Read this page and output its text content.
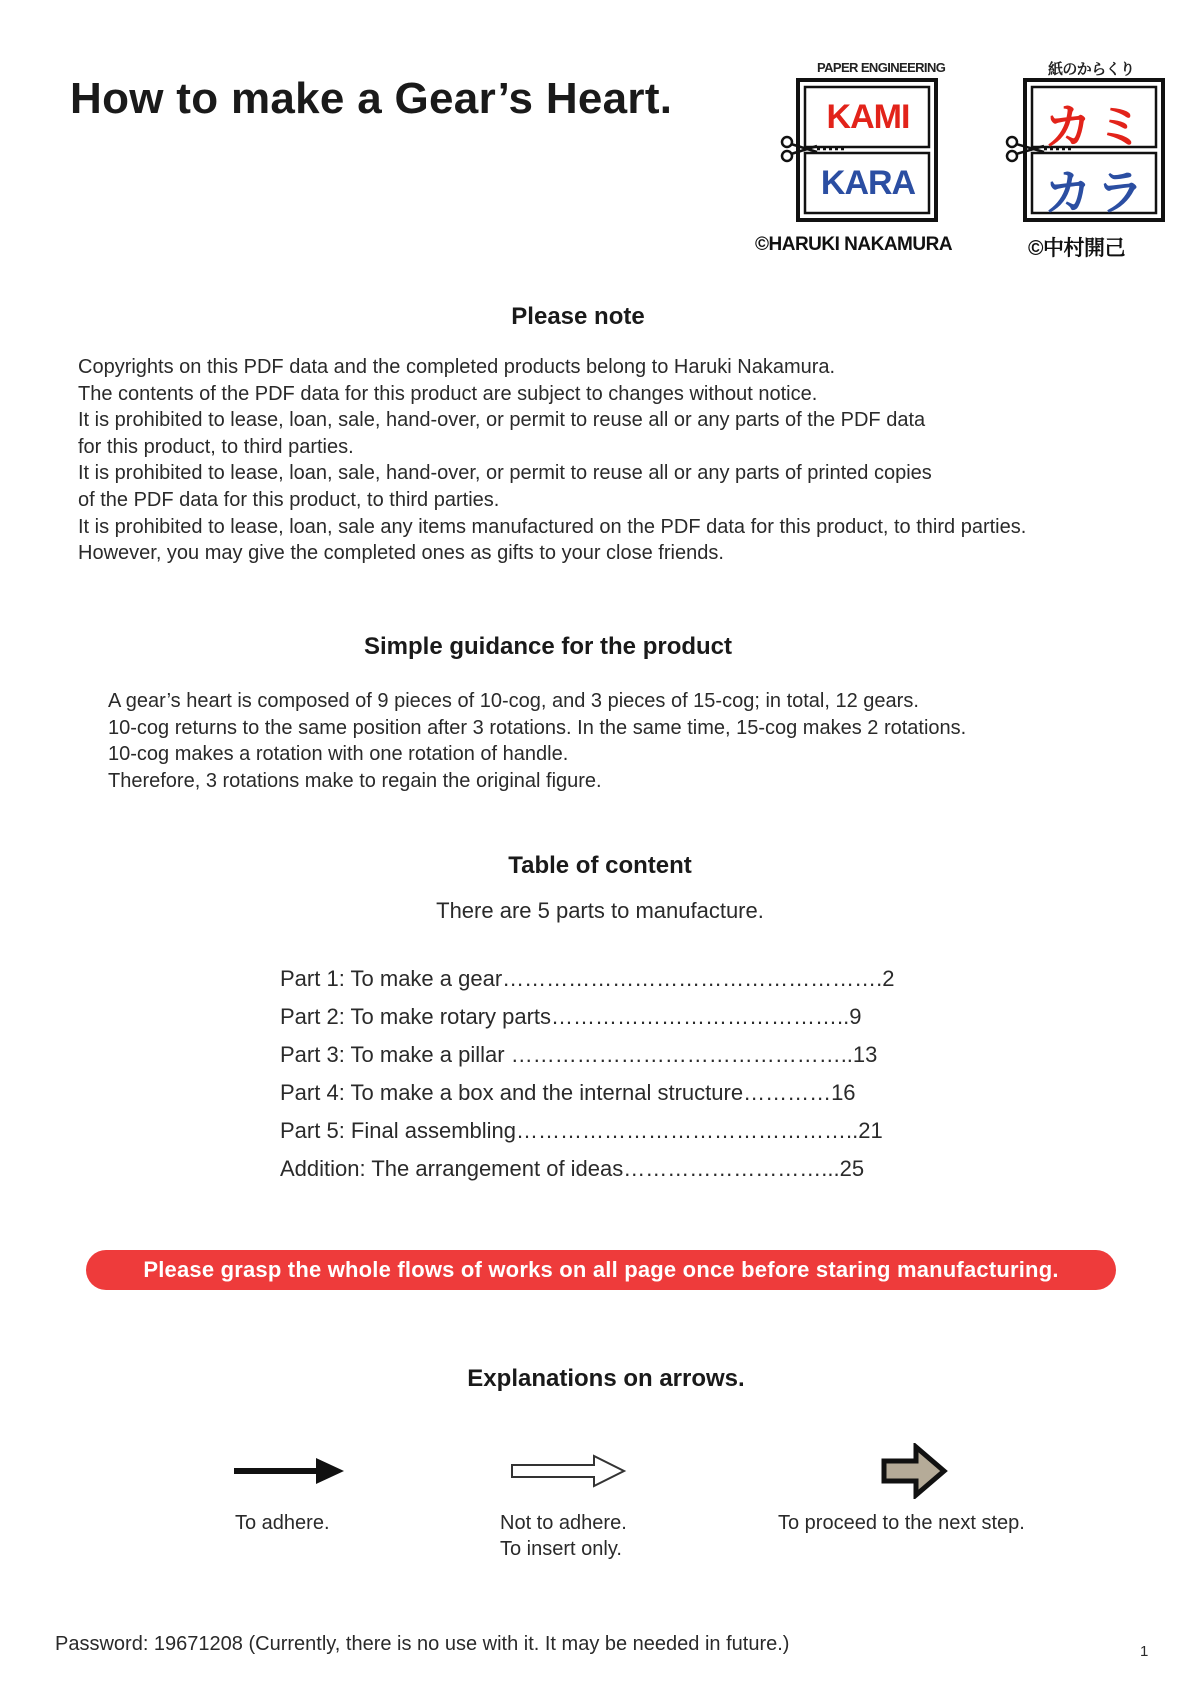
How to make a Gear’s Heart.
PAPER ENGINEERING
KAMI
KARA
©HARUKI NAKAMURA
紙のからくり
カミ
カラ
©中村開己
Please note
Copyrights on this PDF data and the completed products belong to Haruki Nakamura.
The contents of the PDF data for this product are subject to changes without notice.
It is prohibited to lease, loan, sale, hand-over, or permit to reuse all or any parts of the PDF data
for this product, to third parties.
It is prohibited to lease, loan, sale, hand-over, or permit to reuse all or any parts of printed copies
of the PDF data for this product, to third parties.
It is prohibited to lease, loan, sale any items manufactured on the PDF data for this product, to third parties.
However, you may give the completed ones as gifts to your close friends.
Simple guidance for the product
A gear’s heart is composed of 9 pieces of 10-cog, and 3 pieces of 15-cog; in total, 12 gears.
10-cog returns to the same position after 3 rotations. In the same time, 15-cog makes 2 rotations.
10-cog makes a rotation with one rotation of handle.
Therefore, 3 rotations make to regain the original figure.
Table of content
There are 5 parts to manufacture.
Part 1: To make a gear…………………………………………….2
Part 2: To make rotary parts…………………………………..9
Part 3: To make a pillar ………………………………………..13
Part 4: To make a box and the internal structure…………16
Part 5: Final assembling………………………………………..21
Addition: The arrangement of ideas………………………...25
Please grasp the whole flows of works on all page once before staring manufacturing.
Explanations on arrows.
To adhere.	Not to adhere.
To insert only.
To proceed to the next step.
Password: 19671208 (Currently, there is no use with it. It may be needed in future.)	1
